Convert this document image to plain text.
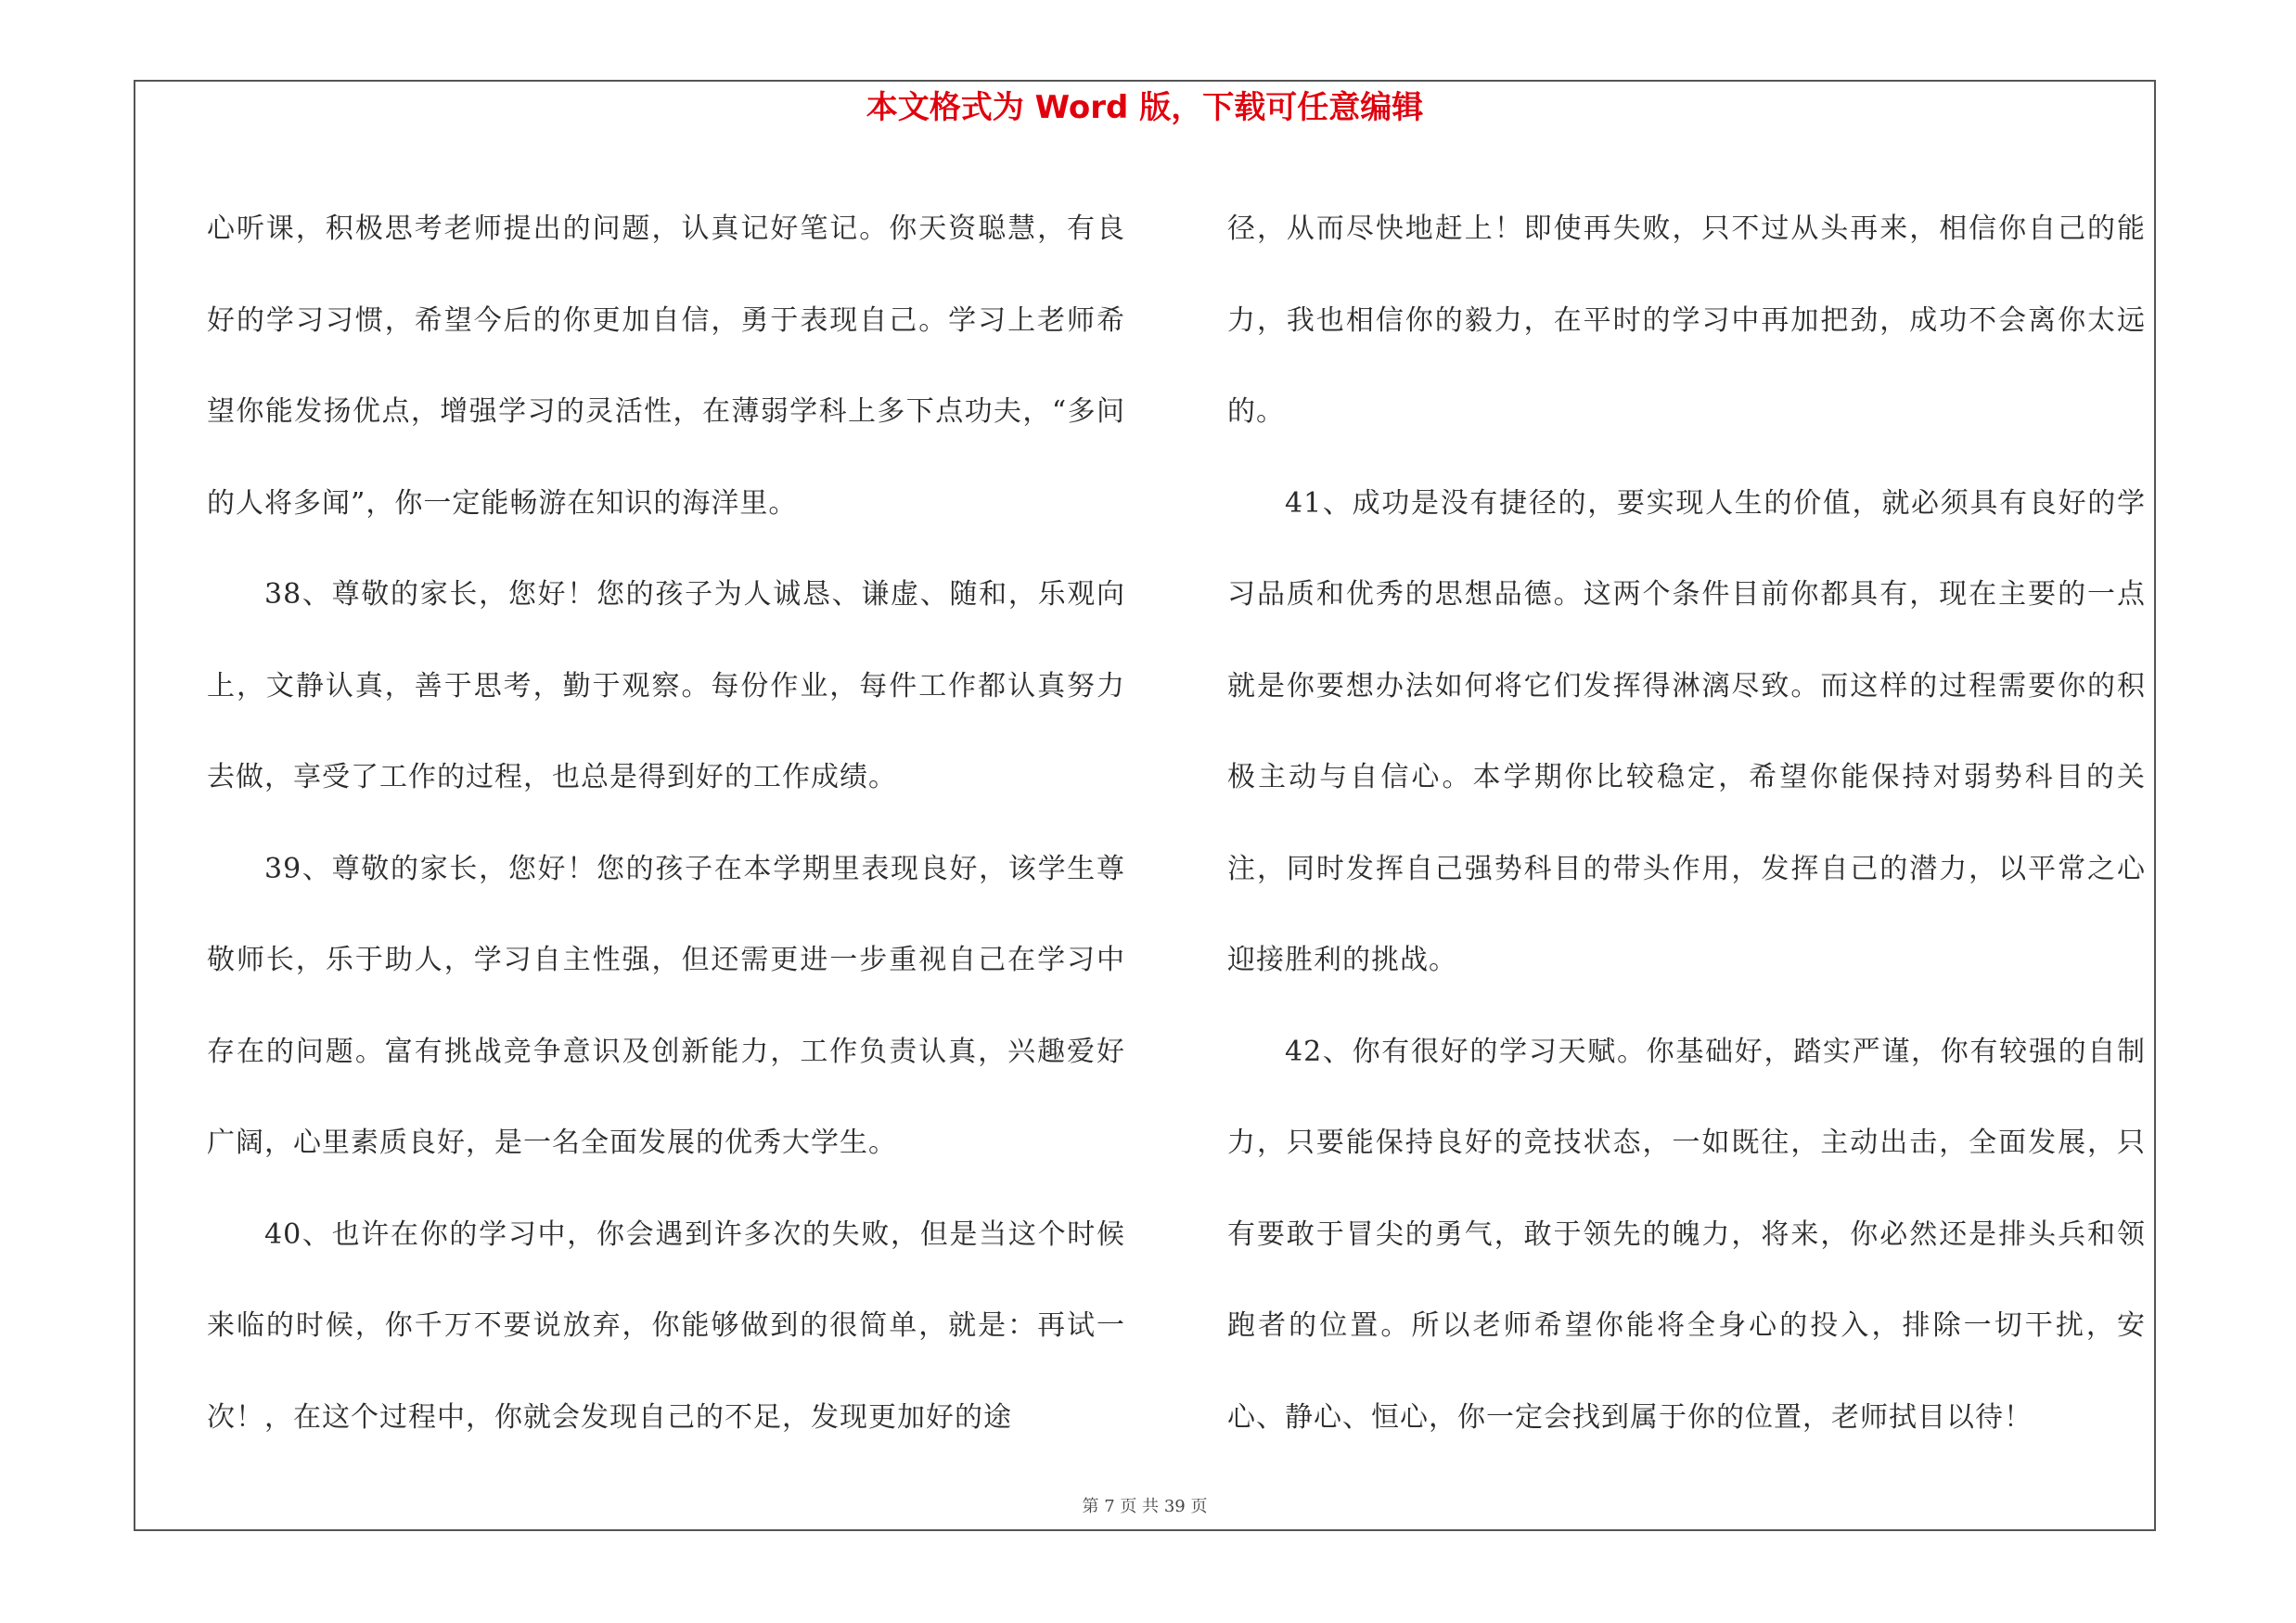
本文格式为 Word 版，下载可任意编辑

心听课，积极思考老师提出的问题，认真记好笔记。你天资聪慧，有良好的学习习惯，希望今后的你更加自信，勇于表现自己。学习上老师希望你能发扬优点，增强学习的灵活性，在薄弱学科上多下点功夫，“多问的人将多闻”，你一定能畅游在知识的海洋里。

38、尊敬的家长，您好！您的孩子为人诚恳、谦虚、随和，乐观向上，文静认真，善于思考，勤于观察。每份作业，每件工作都认真努力去做，享受了工作的过程，也总是得到好的工作成绩。

39、尊敬的家长，您好！您的孩子在本学期里表现良好，该学生尊敬师长，乐于助人，学习自主性强，但还需更进一步重视自己在学习中存在的问题。富有挑战竞争意识及创新能力，工作负责认真，兴趣爱好广阔，心里素质良好，是一名全面发展的优秀大学生。

40、也许在你的学习中，你会遇到许多次的失败，但是当这个时候来临的时候，你千万不要说放弃，你能够做到的很简单，就是：再试一次！，在这个过程中，你就会发现自己的不足，发现更加好的途

径，从而尽快地赶上！即使再失败，只不过从头再来，相信你自己的能力，我也相信你的毅力，在平时的学习中再加把劲，成功不会离你太远的。

41、成功是没有捷径的，要实现人生的价值，就必须具有良好的学习品质和优秀的思想品德。这两个条件目前你都具有，现在主要的一点就是你要想办法如何将它们发挥得淋漓尽致。而这样的过程需要你的积极主动与自信心。本学期你比较稳定，希望你能保持对弱势科目的关注，同时发挥自己强势科目的带头作用，发挥自己的潜力，以平常之心迎接胜利的挑战。

42、你有很好的学习天赋。你基础好，踏实严谨，你有较强的自制力，只要能保持良好的竞技状态，一如既往，主动出击，全面发展，只有要敢于冒尖的勇气，敢于领先的魄力，将来，你必然还是排头兵和领跑者的位置。所以老师希望你能将全身心的投入，排除一切干扰，安心、静心、恒心，你一定会找到属于你的位置，老师拭目以待！

第 7 页 共 39 页
